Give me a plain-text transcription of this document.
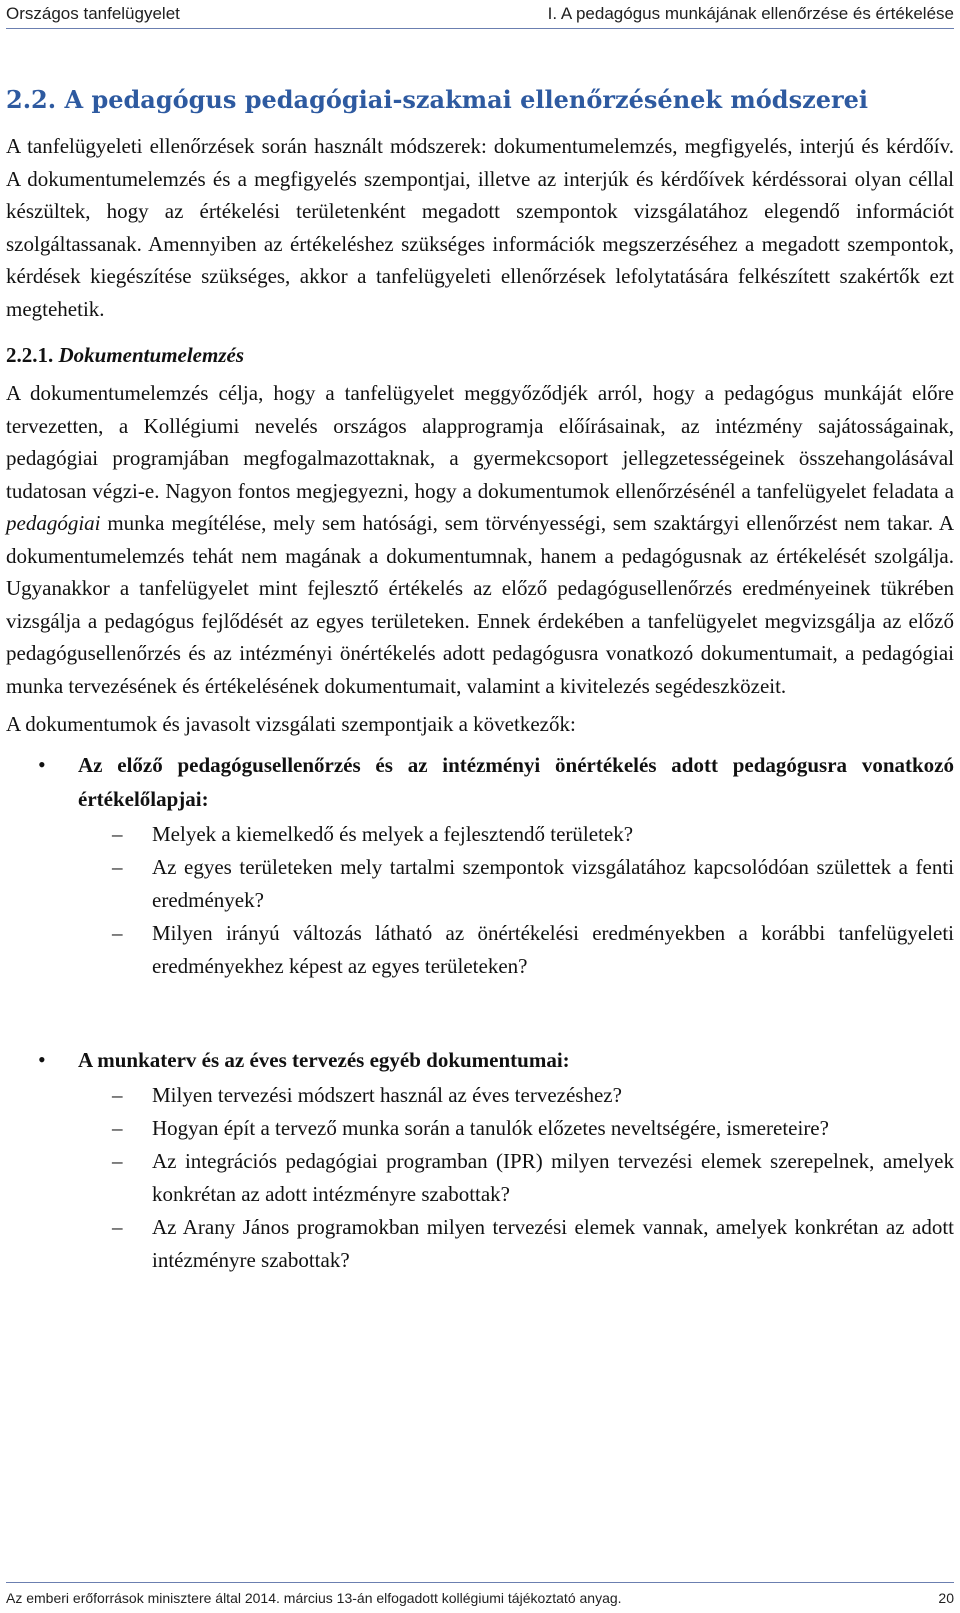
Országos tanfelügyelet	I. A pedagógus munkájának ellenőrzése és értékelése
2.2. A pedagógus pedagógiai-szakmai ellenőrzésének módszerei

A tanfelügyeleti ellenőrzések során használt módszerek: dokumentumelemzés, megfigyelés, interjú és kérdőív. A dokumentumelemzés és a megfigyelés szempontjai, illetve az interjúk és kérdőívek kérdéssorai olyan céllal készültek, hogy az értékelési területenként megadott szempontok vizsgálatához elegendő információt szolgáltassanak. Amennyiben az értékeléshez szükséges információk megszerzéséhez a megadott szempontok, kérdések kiegészítése szükséges, akkor a tanfelügyeleti ellenőrzések lefolytatására felkészített szakértők ezt megtehetik.

2.2.1. Dokumentumelemzés

A dokumentumelemzés célja, hogy a tanfelügyelet meggyőződjék arról, hogy a pedagógus munkáját előre tervezetten, a Kollégiumi nevelés országos alapprogramja előírásainak, az intézmény sajátosságainak, pedagógiai programjában megfogalmazottaknak, a gyermekcsoport jellegzetességeinek összehangolásával tudatosan végzi-e. Nagyon fontos megjegyezni, hogy a dokumentumok ellenőrzésénél a tanfelügyelet feladata a pedagógiai munka megítélése, mely sem hatósági, sem törvényességi, sem szaktárgyi ellenőrzést nem takar. A dokumentumelemzés tehát nem magának a dokumentumnak, hanem a pedagógusnak az értékelését szolgálja. Ugyanakkor a tanfelügyelet mint fejlesztő értékelés az előző pedagógusellenőrzés eredményeinek tükrében vizsgálja a pedagógus fejlődését az egyes területeken. Ennek érdekében a tanfelügyelet megvizsgálja az előző pedagógusellenőrzés és az intézményi önértékelés adott pedagógusra vonatkozó dokumentumait, a pedagógiai munka tervezésének és értékelésének dokumentumait, valamint a kivitelezés segédeszközeit.

A dokumentumok és javasolt vizsgálati szempontjaik a következők:

•	Az előző pedagógusellenőrzés és az intézményi önértékelés adott pedagógusra vonatkozó értékelőlapjai:
–	Melyek a kiemelkedő és melyek a fejlesztendő területek?
–	Az egyes területeken mely tartalmi szempontok vizsgálatához kapcsolódóan születtek a fenti eredmények?
–	Milyen irányú változás látható az önértékelési eredményekben a korábbi tanfelügyeleti eredményekhez képest az egyes területeken?
•	A munkaterv és az éves tervezés egyéb dokumentumai:
–	Milyen tervezési módszert használ az éves tervezéshez?
–	Hogyan épít a tervező munka során a tanulók előzetes neveltségére, ismereteire?
–	Az integrációs pedagógiai programban (IPR) milyen tervezési elemek szerepelnek, amelyek konkrétan az adott intézményre szabottak?
–	Az Arany János programokban milyen tervezési elemek vannak, amelyek konkrétan az adott intézményre szabottak?
Az emberi erőforrások minisztere által 2014. március 13-án elfogadott kollégiumi tájékoztató anyag.	20
